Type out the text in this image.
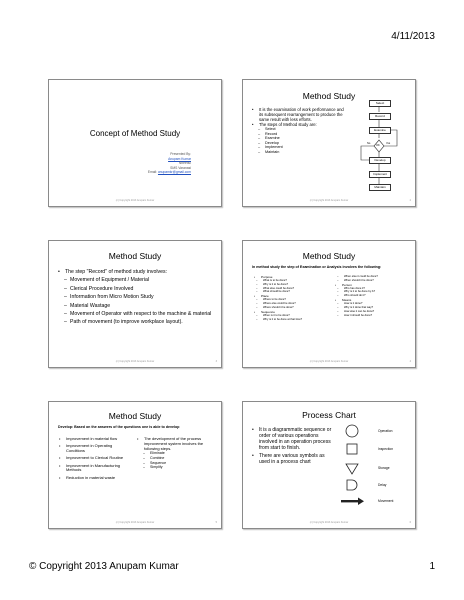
4/11/2013
Concept of Method Study
Presented By:
Anupam Kumar
Nbeetsc
SMS Varanasi
Email: anupamkr@gmail.com
(c) Copyright 2013 Anupam Kumar
Method Study
• It is the examination of work performance and its subsequent rearrangement to produce the same result with less efforts.
• The steps of Method study are:
– Select
– Record
– Examine
– Develop
– Implement
– Maintain
Select
Record
Examine
OK
Yes
No
Develop
Implement
Maintain
(c) Copyright 2013 Anupam Kumar	2
Method Study
• The step "Record" of method study involves:
– Movement of Equipment / Material
– Clerical Procedure Involved
– Information from Micro Motion Study
– Material Wastage
– Movement of Operator with respect to the machine & material
– Path of movement (to improve workplace layout).
(c) Copyright 2013 Anupam Kumar	3
Method Study
In method study the step of Examination or Analysis involves the following:
• Purpose
– What is to be done?
– Why is it to be done?
– What else could be done?
– What should be done?
• Place
– Where to be done?
– Where else could be done?
– Where should it be done?
• Sequence
– When is it to be done?
– Why is it to be done at that time?
– When else it could be done?
– When should it be done?
• Person
– Who has done it?
– Why is it to be done by A?
– Who should do it?
• Means
– How is it done?
– Why is it done that way?
– How else it can be done?
– How it should be done?
(c) Copyright 2013 Anupam Kumar	4
Method Study
Develop: Based on the answers of the questions one is able to develop
• Improvement in material flow
• Improvement in Operating Conditions
• Improvement to Clerical Routine
• Improvement in Manufacturing Methods
• Reduction in material waste
• The development of the process improvement system involves the following steps.
– Eliminate
– Combine
– Sequence
– Simplify
(c) Copyright 2013 Anupam Kumar	5
Process Chart
• It is a diagrammatic sequence or order of various operations involved in an operation process from start to finish.
• There are various symbols as used in a process chart
Operation
Inspection
Storage
Delay
Movement
(c) Copyright 2013 Anupam Kumar	6
© Copyright 2013 Anupam Kumar	1
